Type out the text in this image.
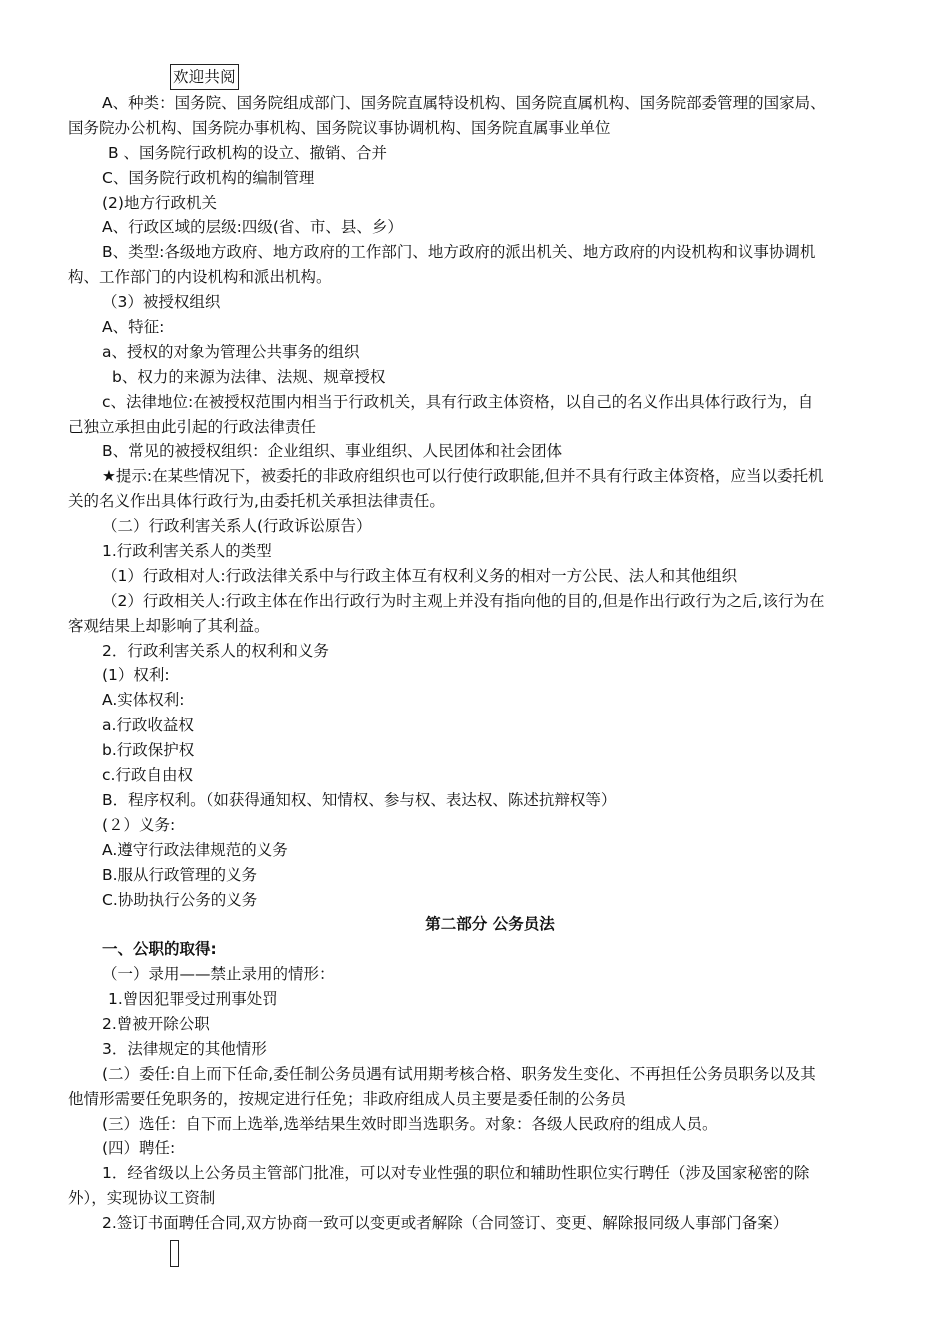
欢迎共阅
A、种类：国务院、国务院组成部门、国务院直属特设机构、国务院直属机构、国务院部委管理的国家局、
国务院办公机构、国务院办事机构、国务院议事协调机构、国务院直属事业单位
B 、国务院行政机构的设立、撤销、合并
C、国务院行政机构的编制管理
(2)地方行政机关
A、行政区域的层级:四级(省、市、县、乡）
B、类型:各级地方政府、地方政府的工作部门、地方政府的派出机关、地方政府的内设机构和议事协调机
构、工作部门的内设机构和派出机构。
（3）被授权组织
A、特征:
a、授权的对象为管理公共事务的组织
b、权力的来源为法律、法规、规章授权
c、法律地位:在被授权范围内相当于行政机关，具有行政主体资格，以自己的名义作出具体行政行为，自
己独立承担由此引起的行政法律责任
B、常见的被授权组织：企业组织、事业组织、人民团体和社会团体
★提示:在某些情况下，被委托的非政府组织也可以行使行政职能,但并不具有行政主体资格，应当以委托机
关的名义作出具体行政行为,由委托机关承担法律责任。
（二）行政利害关系人(行政诉讼原告）
1.行政利害关系人的类型
（1）行政相对人:行政法律关系中与行政主体互有权利义务的相对一方公民、法人和其他组织
（2）行政相关人:行政主体在作出行政行为时主观上并没有指向他的目的,但是作出行政行为之后,该行为在
客观结果上却影响了其利益。
2．行政利害关系人的权利和义务
(1）权利:
A.实体权利:
a.行政收益权
b.行政保护权
c.行政自由权
B．程序权利。（如获得通知权、知情权、参与权、表达权、陈述抗辩权等）
(２）义务:
A.遵守行政法律规范的义务
B.服从行政管理的义务
C.协助执行公务的义务
第二部分 公务员法
一、公职的取得:
（一）录用——禁止录用的情形：
1.曾因犯罪受过刑事处罚
2.曾被开除公职
3．法律规定的其他情形
(二）委任:自上而下任命,委任制公务员遇有试用期考核合格、职务发生变化、不再担任公务员职务以及其
他情形需要任免职务的，按规定进行任免；非政府组成人员主要是委任制的公务员
(三）选任：自下而上选举,选举结果生效时即当选职务。对象：各级人民政府的组成人员。
(四）聘任:
1．经省级以上公务员主管部门批准，可以对专业性强的职位和辅助性职位实行聘任（涉及国家秘密的除
外），实现协议工资制
2.签订书面聘任合同,双方协商一致可以变更或者解除（合同签订、变更、解除报同级人事部门备案）
